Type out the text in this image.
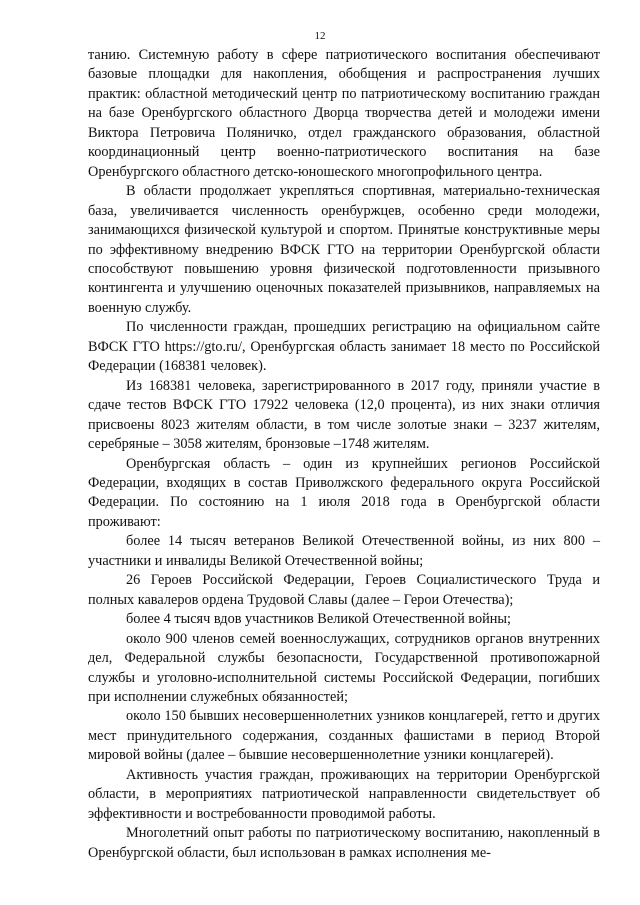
12

танию. Системную работу в сфере патриотического воспитания обеспечивают базовые площадки для накопления, обобщения и распространения лучших практик: областной методический центр по патриотическому воспитанию граждан на базе Оренбургского областного Дворца творчества детей и молодежи имени Виктора Петровича Поляничко, отдел гражданского образования, областной координационный центр военно-патриотического воспитания на базе Оренбургского областного детско-юношеского многопрофильного центра.

В области продолжает укрепляться спортивная, материально-техническая база, увеличивается численность оренбуржцев, особенно среди молодежи, занимающихся физической культурой и спортом. Принятые конструктивные меры по эффективному внедрению ВФСК ГТО на территории Оренбургской области способствуют повышению уровня физической подготовленности призывного контингента и улучшению оценочных показателей призывников, направляемых на военную службу.

По численности граждан, прошедших регистрацию на официальном сайте ВФСК ГТО https://gto.ru/, Оренбургская область занимает 18 место по Российской Федерации (168381 человек).

Из 168381 человека, зарегистрированного в 2017 году, приняли участие в сдаче тестов ВФСК ГТО 17922 человека (12,0 процента), из них знаки отличия присвоены 8023 жителям области, в том числе золотые знаки – 3237 жителям, серебряные – 3058 жителям, бронзовые –1748 жителям.

Оренбургская область – один из крупнейших регионов Российской Федерации, входящих в состав Приволжского федерального округа Российской Федерации. По состоянию на 1 июля 2018 года в Оренбургской области проживают:

более 14 тысяч ветеранов Великой Отечественной войны, из них 800 – участники и инвалиды Великой Отечественной войны;

26 Героев Российской Федерации, Героев Социалистического Труда и полных кавалеров ордена Трудовой Славы (далее – Герои Отечества);

более 4 тысяч вдов участников Великой Отечественной войны;

около 900 членов семей военнослужащих, сотрудников органов внутренних дел, Федеральной службы безопасности, Государственной противопожарной службы и уголовно-исполнительной системы Российской Федерации, погибших при исполнении служебных обязанностей;

около 150 бывших несовершеннолетних узников концлагерей, гетто и других мест принудительного содержания, созданных фашистами в период Второй мировой войны (далее – бывшие несовершеннолетние узники концлагерей).

Активность участия граждан, проживающих на территории Оренбургской области, в мероприятиях патриотической направленности свидетельствует об эффективности и востребованности проводимой работы.

Многолетний опыт работы по патриотическому воспитанию, накопленный в Оренбургской области, был использован в рамках исполнения ме-
